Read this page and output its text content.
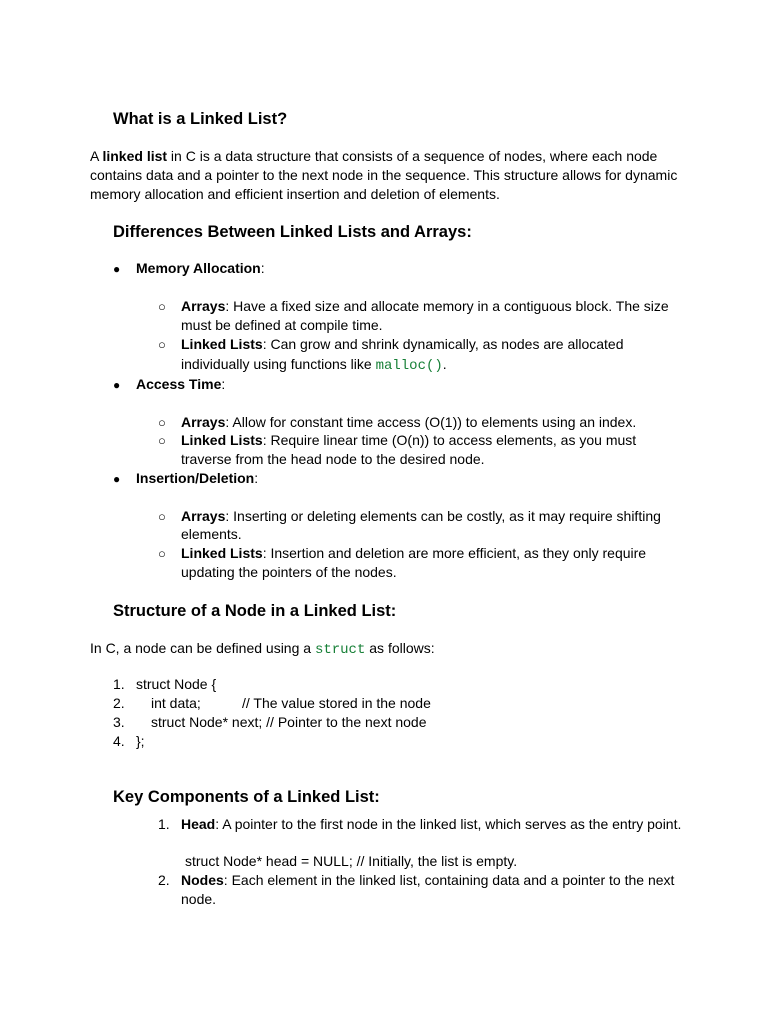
What is a Linked List?
A linked list in C is a data structure that consists of a sequence of nodes, where each node
contains data and a pointer to the next node in the sequence. This structure allows for dynamic
memory allocation and efficient insertion and deletion of elements.
Differences Between Linked Lists and Arrays:
● Memory Allocation:
○ Arrays: Have a fixed size and allocate memory in a contiguous block. The size
must be defined at compile time.
○ Linked Lists: Can grow and shrink dynamically, as nodes are allocated
individually using functions like malloc().
● Access Time:
○ Arrays: Allow for constant time access (O(1)) to elements using an index.
○ Linked Lists: Require linear time (O(n)) to access elements, as you must
traverse from the head node to the desired node.
● Insertion/Deletion:
○ Arrays: Inserting or deleting elements can be costly, as it may require shifting
elements.
○ Linked Lists: Insertion and deletion are more efficient, as they only require
updating the pointers of the nodes.
Structure of a Node in a Linked List:
In C, a node can be defined using a struct as follows:
1. struct Node {
2. int data;	// The value stored in the node
3. struct Node* next; // Pointer to the next node
4. };
Key Components of a Linked List:
1. Head: A pointer to the first node in the linked list, which serves as the entry point.
struct Node* head = NULL; // Initially, the list is empty.
2. Nodes: Each element in the linked list, containing data and a pointer to the next
node.
